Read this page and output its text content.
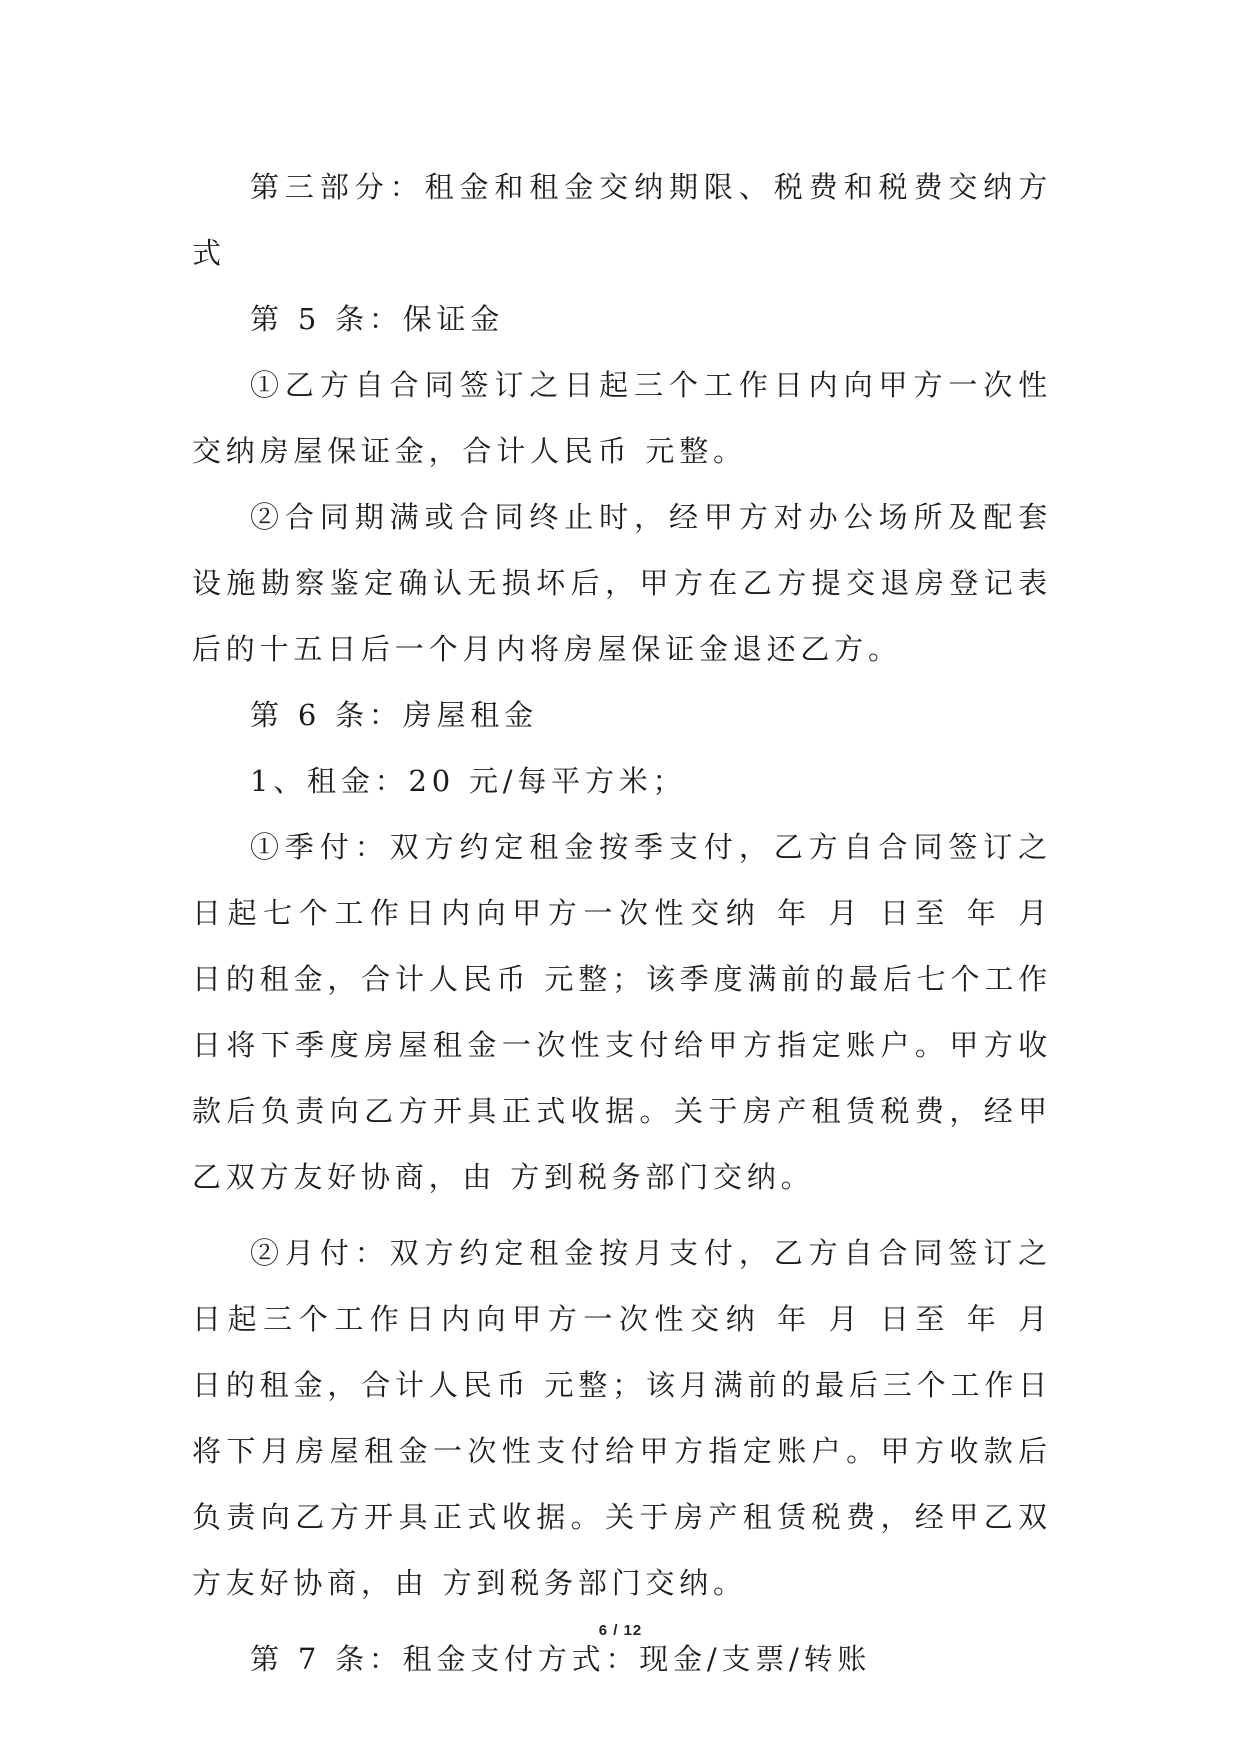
第三部分：租金和租金交纳期限、税费和税费交纳方式

第 5 条：保证金

①乙方自合同签订之日起三个工作日内向甲方一次性交纳房屋保证金，合计人民币 元整。

②合同期满或合同终止时，经甲方对办公场所及配套设施勘察鉴定确认无损坏后，甲方在乙方提交退房登记表后的十五日后一个月内将房屋保证金退还乙方。

第 6 条：房屋租金

1、租金：20 元/每平方米；

①季付：双方约定租金按季支付，乙方自合同签订之日起七个工作日内向甲方一次性交纳 年 月 日至 年 月 日的租金，合计人民币 元整；该季度满前的最后七个工作日将下季度房屋租金一次性支付给甲方指定账户。甲方收款后负责向乙方开具正式收据。关于房产租赁税费，经甲乙双方友好协商，由 方到税务部门交纳。

②月付：双方约定租金按月支付，乙方自合同签订之日起三个工作日内向甲方一次性交纳 年 月 日至 年 月 日的租金，合计人民币 元整；该月满前的最后三个工作日将下月房屋租金一次性支付给甲方指定账户。甲方收款后负责向乙方开具正式收据。关于房产租赁税费，经甲乙双方友好协商，由 方到税务部门交纳。

第 7 条：租金支付方式：现金/支票/转账

6 / 12
